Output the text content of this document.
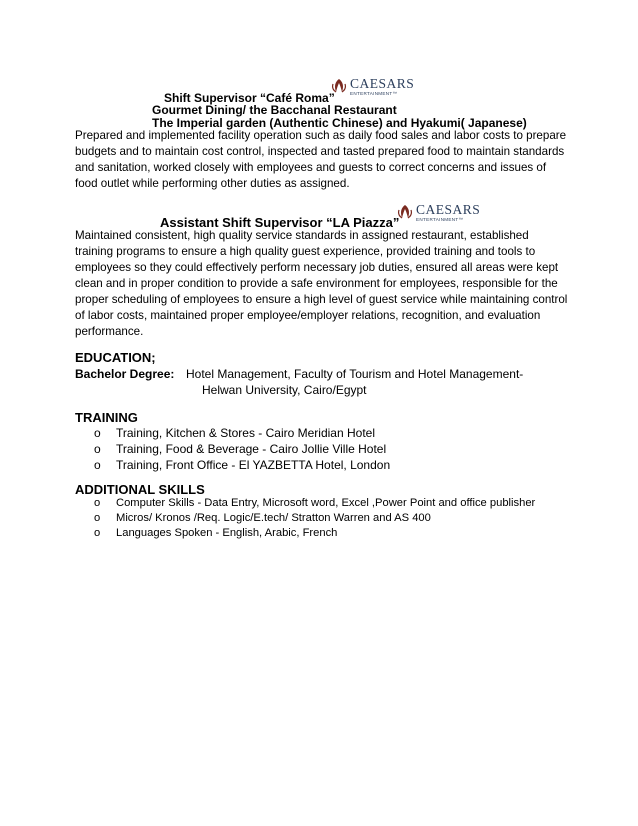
Shift Supervisor “Café Roma”
CAESARS
ENTERTAINMENT™
Gourmet Dining/ the Bacchanal Restaurant
The Imperial garden (Authentic Chinese) and Hyakumi( Japanese)
Prepared and implemented facility operation such as daily food sales and labor costs to prepare
budgets and to maintain cost control, inspected and tasted prepared food to maintain standards
and sanitation, worked closely with employees and guests to correct concerns and issues of
food outlet while performing other duties as assigned.
CAESARS
ENTERTAINMENT™
Assistant Shift Supervisor “LA Piazza”
Maintained consistent, high quality service standards in assigned restaurant, established
training programs to ensure a high quality guest experience, provided training and tools to
employees so they could effectively perform necessary job duties, ensured all areas were kept
clean and in proper condition to provide a safe environment for employees, responsible for the
proper scheduling of employees to ensure a high level of guest service while maintaining control
of labor costs, maintained proper employee/employer relations, recognition, and evaluation
performance.
EDUCATION;
Bachelor Degree: Hotel Management, Faculty of Tourism and Hotel Management-
Helwan University, Cairo/Egypt
TRAINING
o Training, Kitchen & Stores - Cairo Meridian Hotel
o Training, Food & Beverage - Cairo Jollie Ville Hotel
o Training, Front Office - El YAZBETTA Hotel, London
ADDITIONAL SKILLS
o Computer Skills - Data Entry, Microsoft word, Excel ,Power Point and office publisher
o Micros/ Kronos /Req. Logic/E.tech/ Stratton Warren and AS 400
o Languages Spoken - English, Arabic, French
